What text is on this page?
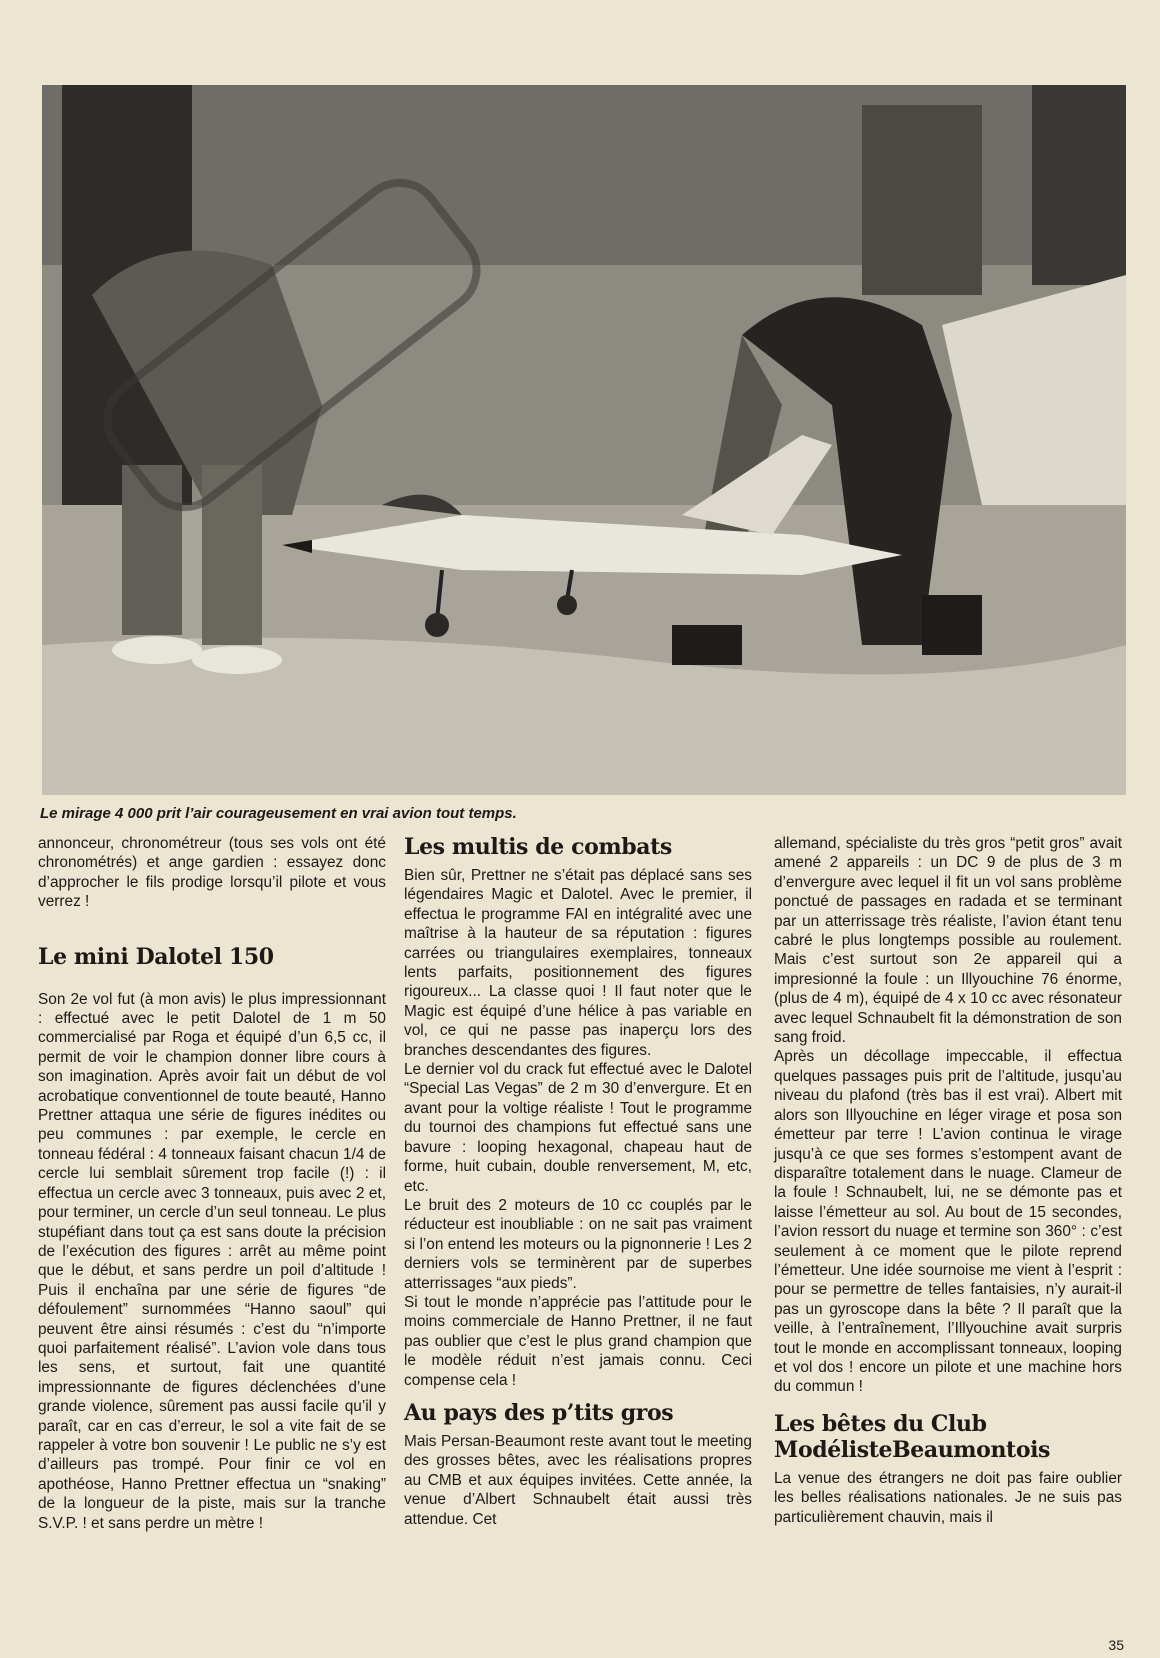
Le mirage 4 000 prit l’air courageusement en vrai avion tout temps.

annonceur, chronométreur (tous ses vols ont été chronométrés) et ange gardien : essayez donc d’approcher le fils prodige lorsqu’il pilote et vous verrez !

Le mini Dalotel 150

Son 2e vol fut (à mon avis) le plus impressionnant : effectué avec le petit Dalotel de 1 m 50 commercialisé par Roga et équipé d’un 6,5 cc, il permit de voir le champion donner libre cours à son imagination. Après avoir fait un début de vol acrobatique conventionnel de toute beauté, Hanno Prettner attaqua une série de figures inédites ou peu communes : par exemple, le cercle en tonneau fédéral : 4 tonneaux faisant chacun 1/4 de cercle lui semblait sûrement trop facile (!) : il effectua un cercle avec 3 tonneaux, puis avec 2 et, pour terminer, un cercle d’un seul tonneau. Le plus stupéfiant dans tout ça est sans doute la précision de l’exécution des figures : arrêt au même point que le début, et sans perdre un poil d’altitude ! Puis il enchaîna par une série de figures “de défoulement” surnommées “Hanno saoul” qui peuvent être ainsi résumés : c’est du “n’importe quoi parfaitement réalisé”. L’avion vole dans tous les sens, et surtout, fait une quantité impressionnante de figures déclenchées d’une grande violence, sûrement pas aussi facile qu’il y paraît, car en cas d’erreur, le sol a vite fait de se rappeler à votre bon souvenir ! Le public ne s’y est d’ailleurs pas trompé. Pour finir ce vol en apothéose, Hanno Prettner effectua un “snaking” de la longueur de la piste, mais sur la tranche S.V.P. ! et sans perdre un mètre !

Les multis de combats

Bien sûr, Prettner ne s’était pas déplacé sans ses légendaires Magic et Dalotel. Avec le premier, il effectua le programme FAI en intégralité avec une maîtrise à la hauteur de sa réputation : figures carrées ou triangulaires exemplaires, tonneaux lents parfaits, positionnement des figures rigoureux... La classe quoi ! Il faut noter que le Magic est équipé d’une hélice à pas variable en vol, ce qui ne passe pas inaperçu lors des branches descendantes des figures.

Le dernier vol du crack fut effectué avec le Dalotel “Special Las Vegas” de 2 m 30 d’envergure. Et en avant pour la voltige réaliste ! Tout le programme du tournoi des champions fut effectué sans une bavure : looping hexagonal, chapeau haut de forme, huit cubain, double renversement, M, etc, etc.

Le bruit des 2 moteurs de 10 cc couplés par le réducteur est inoubliable : on ne sait pas vraiment si l’on entend les moteurs ou la pignonnerie ! Les 2 derniers vols se terminèrent par de superbes atterrissages “aux pieds”.

Si tout le monde n’apprécie pas l’attitude pour le moins commerciale de Hanno Prettner, il ne faut pas oublier que c’est le plus grand champion que le modèle réduit n’est jamais connu. Ceci compense cela !

Au pays des p’tits gros

Mais Persan-Beaumont reste avant tout le meeting des grosses bêtes, avec les réalisations propres au CMB et aux équipes invitées. Cette année, la venue d’Albert Schnaubelt était aussi très attendue. Cet

allemand, spécialiste du très gros “petit gros” avait amené 2 appareils : un DC 9 de plus de 3 m d’envergure avec lequel il fit un vol sans problème ponctué de passages en radada et se terminant par un atterrissage très réaliste, l’avion étant tenu cabré le plus longtemps possible au roulement. Mais c’est surtout son 2e appareil qui a impresionné la foule : un Illyouchine 76 énorme, (plus de 4 m), équipé de 4 x 10 cc avec résonateur avec lequel Schnaubelt fit la démonstration de son sang froid.

Après un décollage impeccable, il effectua quelques passages puis prit de l’altitude, jusqu’au niveau du plafond (très bas il est vrai). Albert mit alors son Illyouchine en léger virage et posa son émetteur par terre ! L’avion continua le virage jusqu’à ce que ses formes s’estompent avant de disparaître totalement dans le nuage. Clameur de la foule ! Schnaubelt, lui, ne se démonte pas et laisse l’émetteur au sol. Au bout de 15 secondes, l’avion ressort du nuage et termine son 360° : c’est seulement à ce moment que le pilote reprend l’émetteur. Une idée sournoise me vient à l’esprit : pour se permettre de telles fantaisies, n’y aurait-il pas un gyroscope dans la bête ? Il paraît que la veille, à l’entraînement, l’Illyouchine avait surpris tout le monde en accomplissant tonneaux, looping et vol dos ! encore un pilote et une machine hors du commun !

Les bêtes du Club ModélisteBeaumontois

La venue des étrangers ne doit pas faire oublier les belles réalisations nationales. Je ne suis pas particulièrement chauvin, mais il

35
